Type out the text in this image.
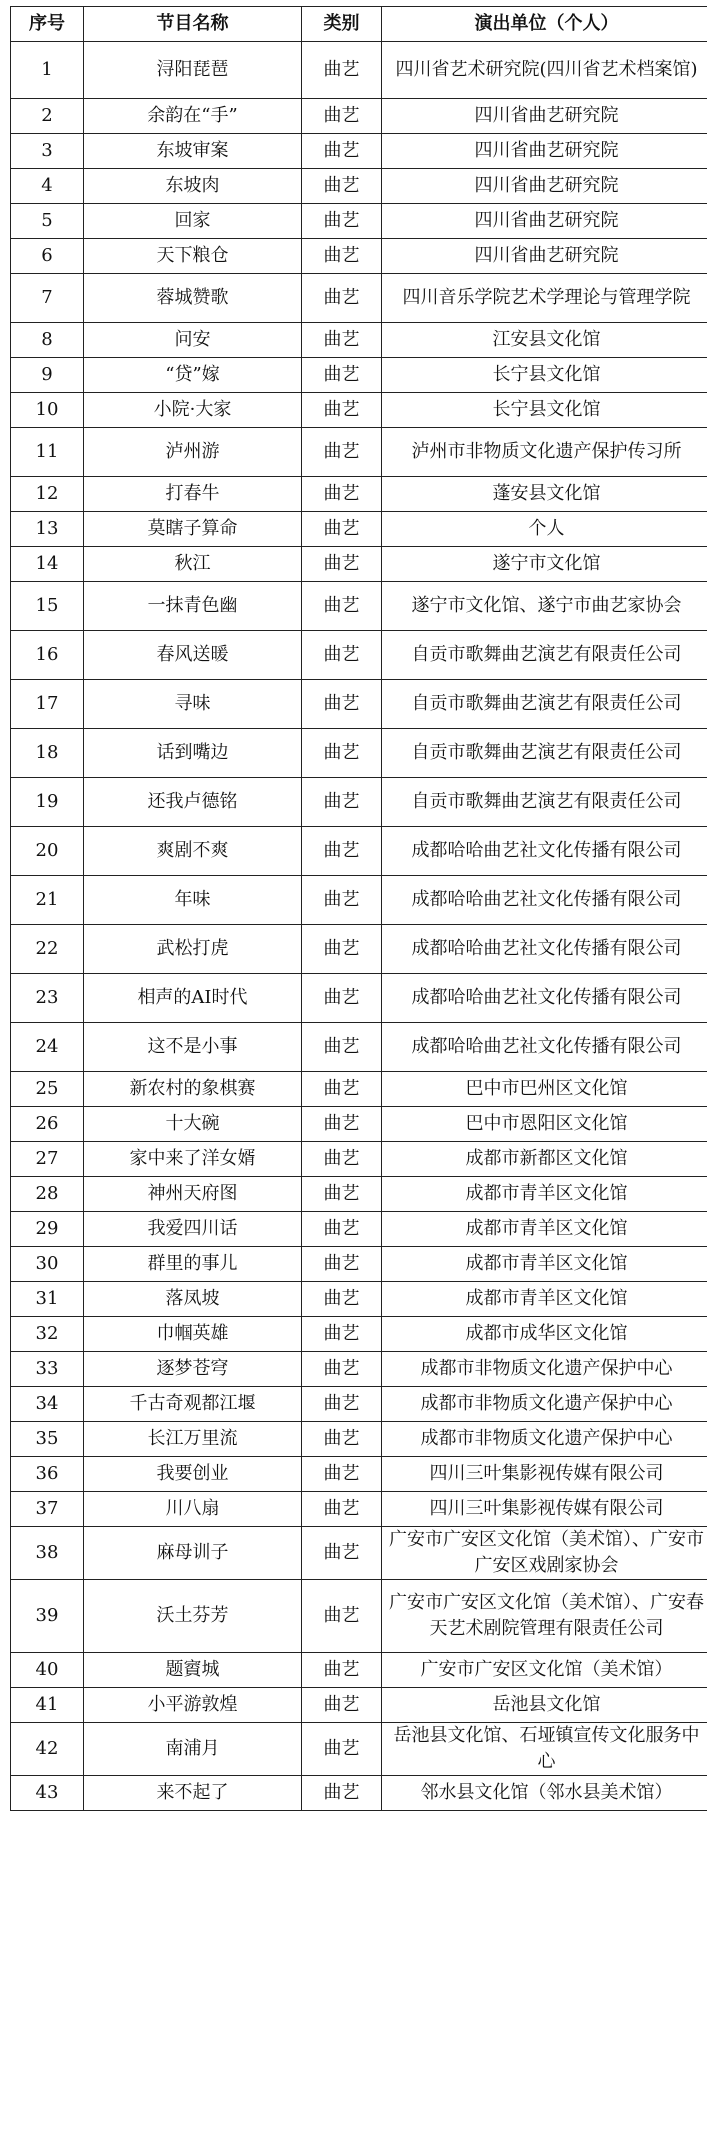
序号	节目名称	类别	演出单位（个人）
1	浔阳琵琶	曲艺	四川省艺术研究院(四川省艺术档案馆)
2	余韵在“手”	曲艺	四川省曲艺研究院
3	东坡审案	曲艺	四川省曲艺研究院
4	东坡肉	曲艺	四川省曲艺研究院
5	回家	曲艺	四川省曲艺研究院
6	天下粮仓	曲艺	四川省曲艺研究院
7	蓉城赞歌	曲艺	四川音乐学院艺术学理论与管理学院
8	问安	曲艺	江安县文化馆
9	“贷”嫁	曲艺	长宁县文化馆
10	小院·大家	曲艺	长宁县文化馆
11	泸州游	曲艺	泸州市非物质文化遗产保护传习所
12	打春牛	曲艺	蓬安县文化馆
13	莫瞎子算命	曲艺	个人
14	秋江	曲艺	遂宁市文化馆
15	一抹青色幽	曲艺	遂宁市文化馆、遂宁市曲艺家协会
16	春风送暖	曲艺	自贡市歌舞曲艺演艺有限责任公司
17	寻味	曲艺	自贡市歌舞曲艺演艺有限责任公司
18	话到嘴边	曲艺	自贡市歌舞曲艺演艺有限责任公司
19	还我卢德铭	曲艺	自贡市歌舞曲艺演艺有限责任公司
20	爽剧不爽	曲艺	成都哈哈曲艺社文化传播有限公司
21	年味	曲艺	成都哈哈曲艺社文化传播有限公司
22	武松打虎	曲艺	成都哈哈曲艺社文化传播有限公司
23	相声的AI时代	曲艺	成都哈哈曲艺社文化传播有限公司
24	这不是小事	曲艺	成都哈哈曲艺社文化传播有限公司
25	新农村的象棋赛	曲艺	巴中市巴州区文化馆
26	十大碗	曲艺	巴中市恩阳区文化馆
27	家中来了洋女婿	曲艺	成都市新都区文化馆
28	神州天府图	曲艺	成都市青羊区文化馆
29	我爱四川话	曲艺	成都市青羊区文化馆
30	群里的事儿	曲艺	成都市青羊区文化馆
31	落凤坡	曲艺	成都市青羊区文化馆
32	巾帼英雄	曲艺	成都市成华区文化馆
33	逐梦苍穹	曲艺	成都市非物质文化遗产保护中心
34	千古奇观都江堰	曲艺	成都市非物质文化遗产保护中心
35	长江万里流	曲艺	成都市非物质文化遗产保护中心
36	我要创业	曲艺	四川三叶集影视传媒有限公司
37	川八扇	曲艺	四川三叶集影视传媒有限公司
38	麻母训子	曲艺	广安市广安区文化馆（美术馆）、广安市广安区戏剧家协会
39	沃土芬芳	曲艺	广安市广安区文化馆（美术馆）、广安春天艺术剧院管理有限责任公司
40	题賨城	曲艺	广安市广安区文化馆（美术馆）
41	小平游敦煌	曲艺	岳池县文化馆
42	南浦月	曲艺	岳池县文化馆、石垭镇宣传文化服务中心
43	来不起了	曲艺	邻水县文化馆（邻水县美术馆）
